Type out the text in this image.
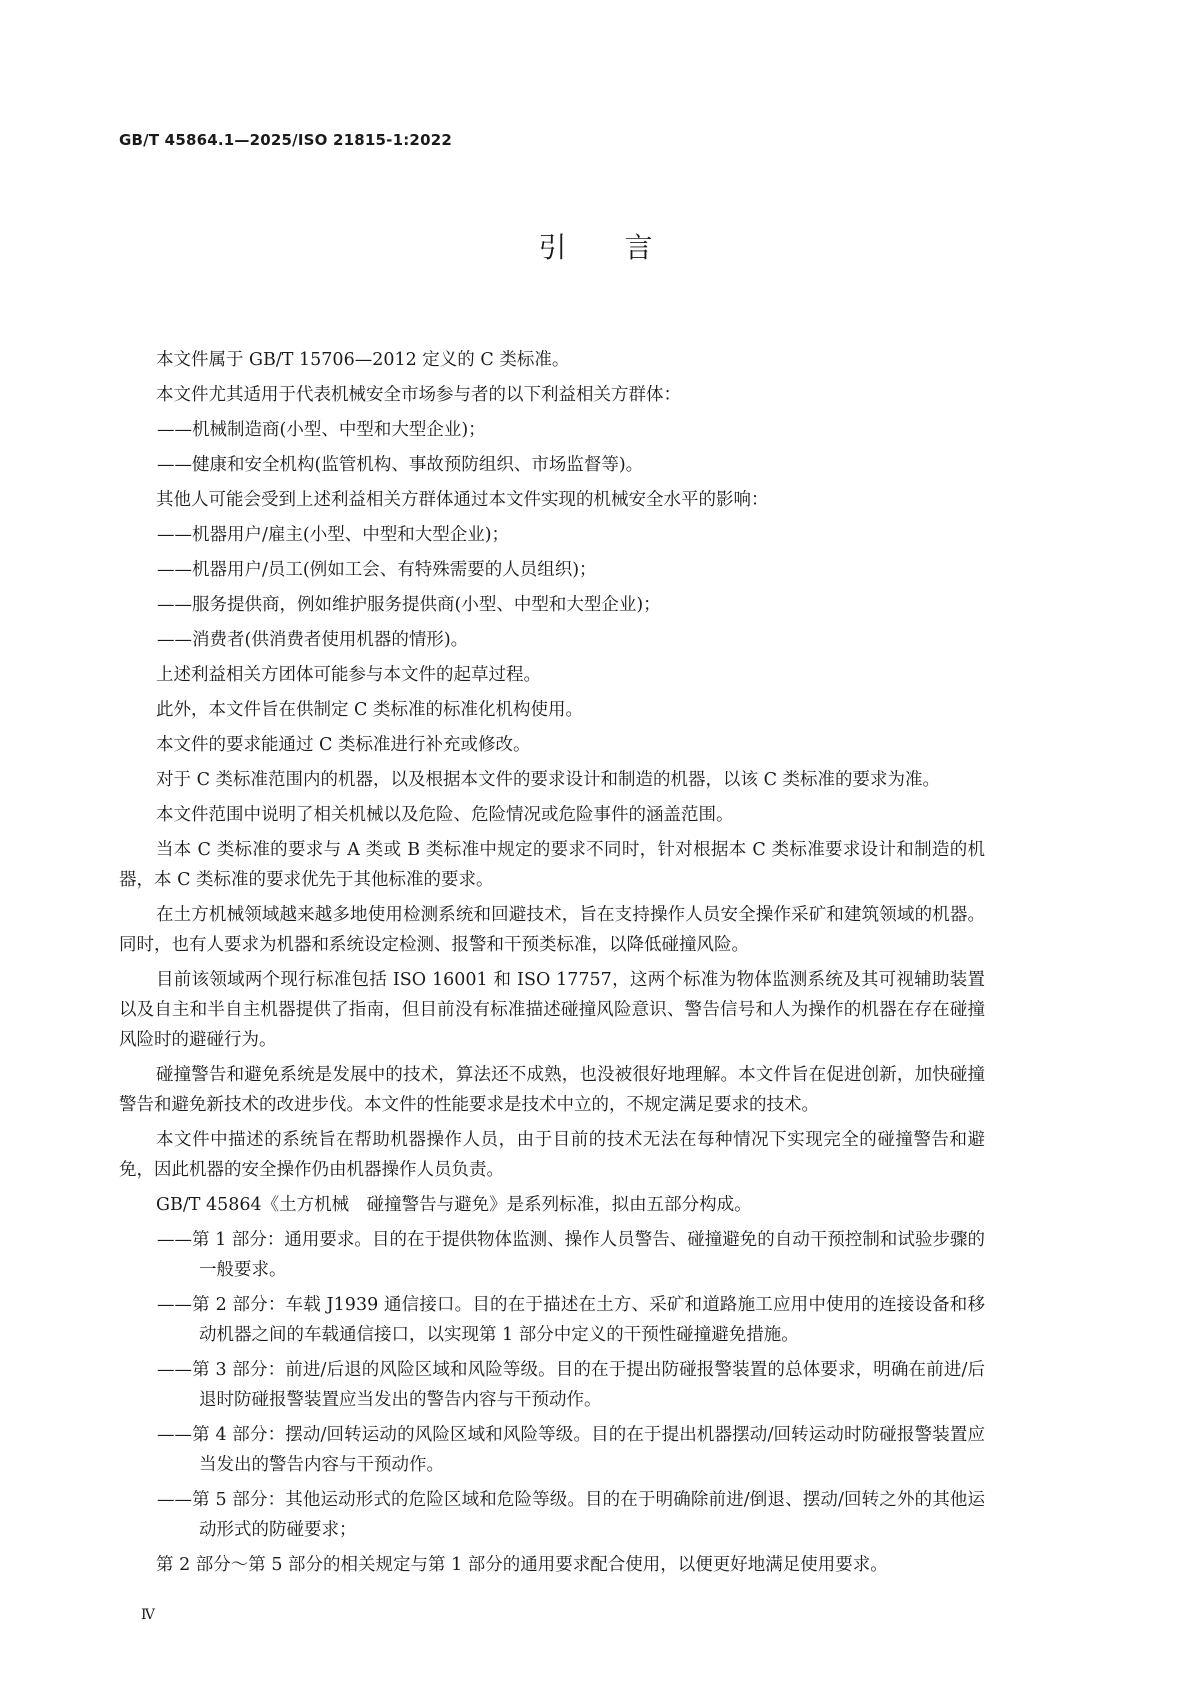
GB/T 45864.1—2025/ISO 21815-1:2022
引言

本文件属于 GB/T 15706—2012 定义的 C 类标准。

本文件尤其适用于代表机械安全市场参与者的以下利益相关方群体：

——机械制造商(小型、中型和大型企业)；

——健康和安全机构(监管机构、事故预防组织、市场监督等)。

其他人可能会受到上述利益相关方群体通过本文件实现的机械安全水平的影响：

——机器用户/雇主(小型、中型和大型企业)；

——机器用户/员工(例如工会、有特殊需要的人员组织)；

——服务提供商，例如维护服务提供商(小型、中型和大型企业)；

——消费者(供消费者使用机器的情形)。

上述利益相关方团体可能参与本文件的起草过程。

此外，本文件旨在供制定 C 类标准的标准化机构使用。

本文件的要求能通过 C 类标准进行补充或修改。

对于 C 类标准范围内的机器，以及根据本文件的要求设计和制造的机器，以该 C 类标准的要求为准。

本文件范围中说明了相关机械以及危险、危险情况或危险事件的涵盖范围。

当本 C 类标准的要求与 A 类或 B 类标准中规定的要求不同时，针对根据本 C 类标准要求设计和制造的机器，本 C 类标准的要求优先于其他标准的要求。

在土方机械领域越来越多地使用检测系统和回避技术，旨在支持操作人员安全操作采矿和建筑领域的机器。同时，也有人要求为机器和系统设定检测、报警和干预类标准，以降低碰撞风险。

目前该领域两个现行标准包括 ISO 16001 和 ISO 17757，这两个标准为物体监测系统及其可视辅助装置以及自主和半自主机器提供了指南，但目前没有标准描述碰撞风险意识、警告信号和人为操作的机器在存在碰撞风险时的避碰行为。

碰撞警告和避免系统是发展中的技术，算法还不成熟，也没被很好地理解。本文件旨在促进创新，加快碰撞警告和避免新技术的改进步伐。本文件的性能要求是技术中立的，不规定满足要求的技术。

本文件中描述的系统旨在帮助机器操作人员，由于目前的技术无法在每种情况下实现完全的碰撞警告和避免，因此机器的安全操作仍由机器操作人员负责。

GB/T 45864《土方机械　碰撞警告与避免》是系列标准，拟由五部分构成。

——第 1 部分：通用要求。目的在于提供物体监测、操作人员警告、碰撞避免的自动干预控制和试验步骤的一般要求。

——第 2 部分：车载 J1939 通信接口。目的在于描述在土方、采矿和道路施工应用中使用的连接设备和移动机器之间的车载通信接口，以实现第 1 部分中定义的干预性碰撞避免措施。

——第 3 部分：前进/后退的风险区域和风险等级。目的在于提出防碰报警装置的总体要求，明确在前进/后退时防碰报警装置应当发出的警告内容与干预动作。

——第 4 部分：摆动/回转运动的风险区域和风险等级。目的在于提出机器摆动/回转运动时防碰报警装置应当发出的警告内容与干预动作。

——第 5 部分：其他运动形式的危险区域和危险等级。目的在于明确除前进/倒退、摆动/回转之外的其他运动形式的防碰要求；

第 2 部分～第 5 部分的相关规定与第 1 部分的通用要求配合使用，以便更好地满足使用要求。

Ⅳ
